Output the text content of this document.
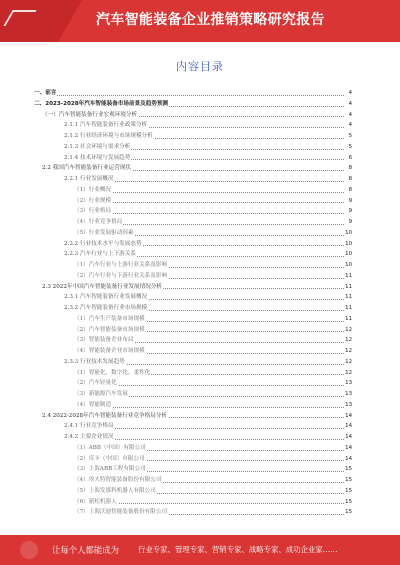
汽车智能装备企业推销策略研究报告
内容目录
一、前言	4
二、2023-2028年汽车智能装备市场前景及趋势预测	4
（一）汽车智能装备行业宏观环境分析	4
2.1.1 汽车智能装备行业政策分析	4
2.1.2 行业经济环境与市场规模分析	5
2.1.3 社会环境与需求分析	5
2.1.4 技术环境与发展趋势	6
2.2 我国汽车智能装备行业运营现状	8
2.2.1 行业发展概况	8
（1）行业概况	8
（2）行业规模	9
（3）行业格局	9
（4）行业竞争格局	9
（5）行业发展驱动因素	10
2.2.2 行业技术水平与发展态势	10
2.2.3 汽车行业与上下游关系	10
（1）汽车行业与上游行业关系及影响	10
（2）汽车行业与下游行业关系及影响	11
2.3 2022年中国汽车智能装备行业发展情况分析	11
2.3.1 汽车智能装备行业发展概况	11
2.3.2 汽车智能装备行业市场规模	11
（1）汽车生产装备市场规模	11
（2）汽车智能装备市场规模	12
（3）智能装备企业布局	12
（4）智能装备企业市场规模	12
2.3.3 行业技术发展趋势	12
（1）智能化、数字化、柔性化	12
（2）汽车轻量化	13
（3）新能源汽车发展	13
（4）智能制造	13
2.4 2022-2028年汽车智能装备行业竞争格局分析	14
2.4.1 行业竞争格局	14
2.4.2 主要企业情况	14
（1）ABB（中国）有限公司	14
（2）库卡（中国）有限公司	14
（3）上海ABB工程有限公司	15
（4）埃夫特智能装备股份有限公司	15
（5）上海发那科机器人有限公司	15
（6）新松机器人	15
（7）上海沃迪智能装备股份有限公司	15
让每个人都能成为	行业专家、管理专家、营销专家、战略专家、成功企业家……
